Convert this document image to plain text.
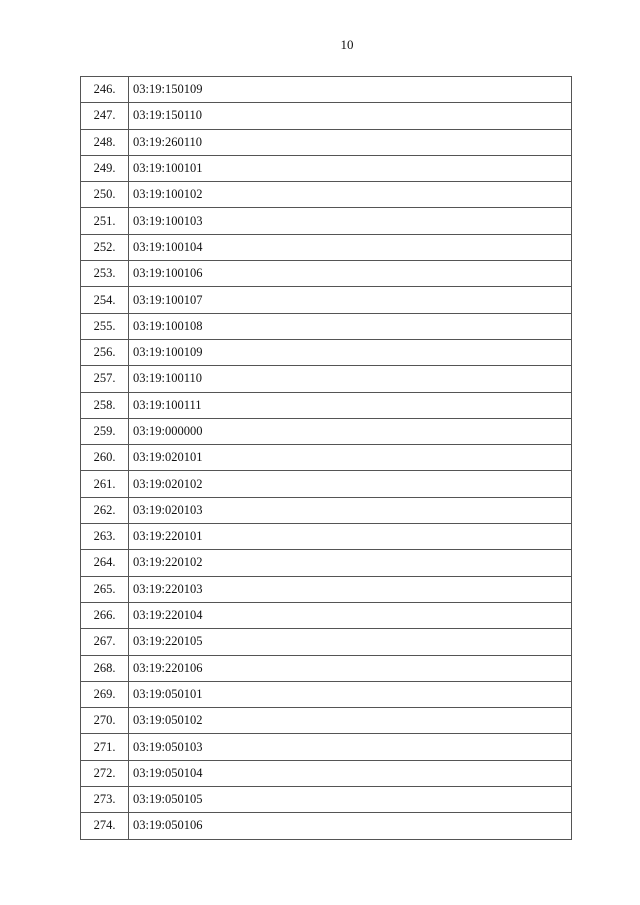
10
246.	03:19:150109
247.	03:19:150110
248.	03:19:260110
249.	03:19:100101
250.	03:19:100102
251.	03:19:100103
252.	03:19:100104
253.	03:19:100106
254.	03:19:100107
255.	03:19:100108
256.	03:19:100109
257.	03:19:100110
258.	03:19:100111
259.	03:19:000000
260.	03:19:020101
261.	03:19:020102
262.	03:19:020103
263.	03:19:220101
264.	03:19:220102
265.	03:19:220103
266.	03:19:220104
267.	03:19:220105
268.	03:19:220106
269.	03:19:050101
270.	03:19:050102
271.	03:19:050103
272.	03:19:050104
273.	03:19:050105
274.	03:19:050106
